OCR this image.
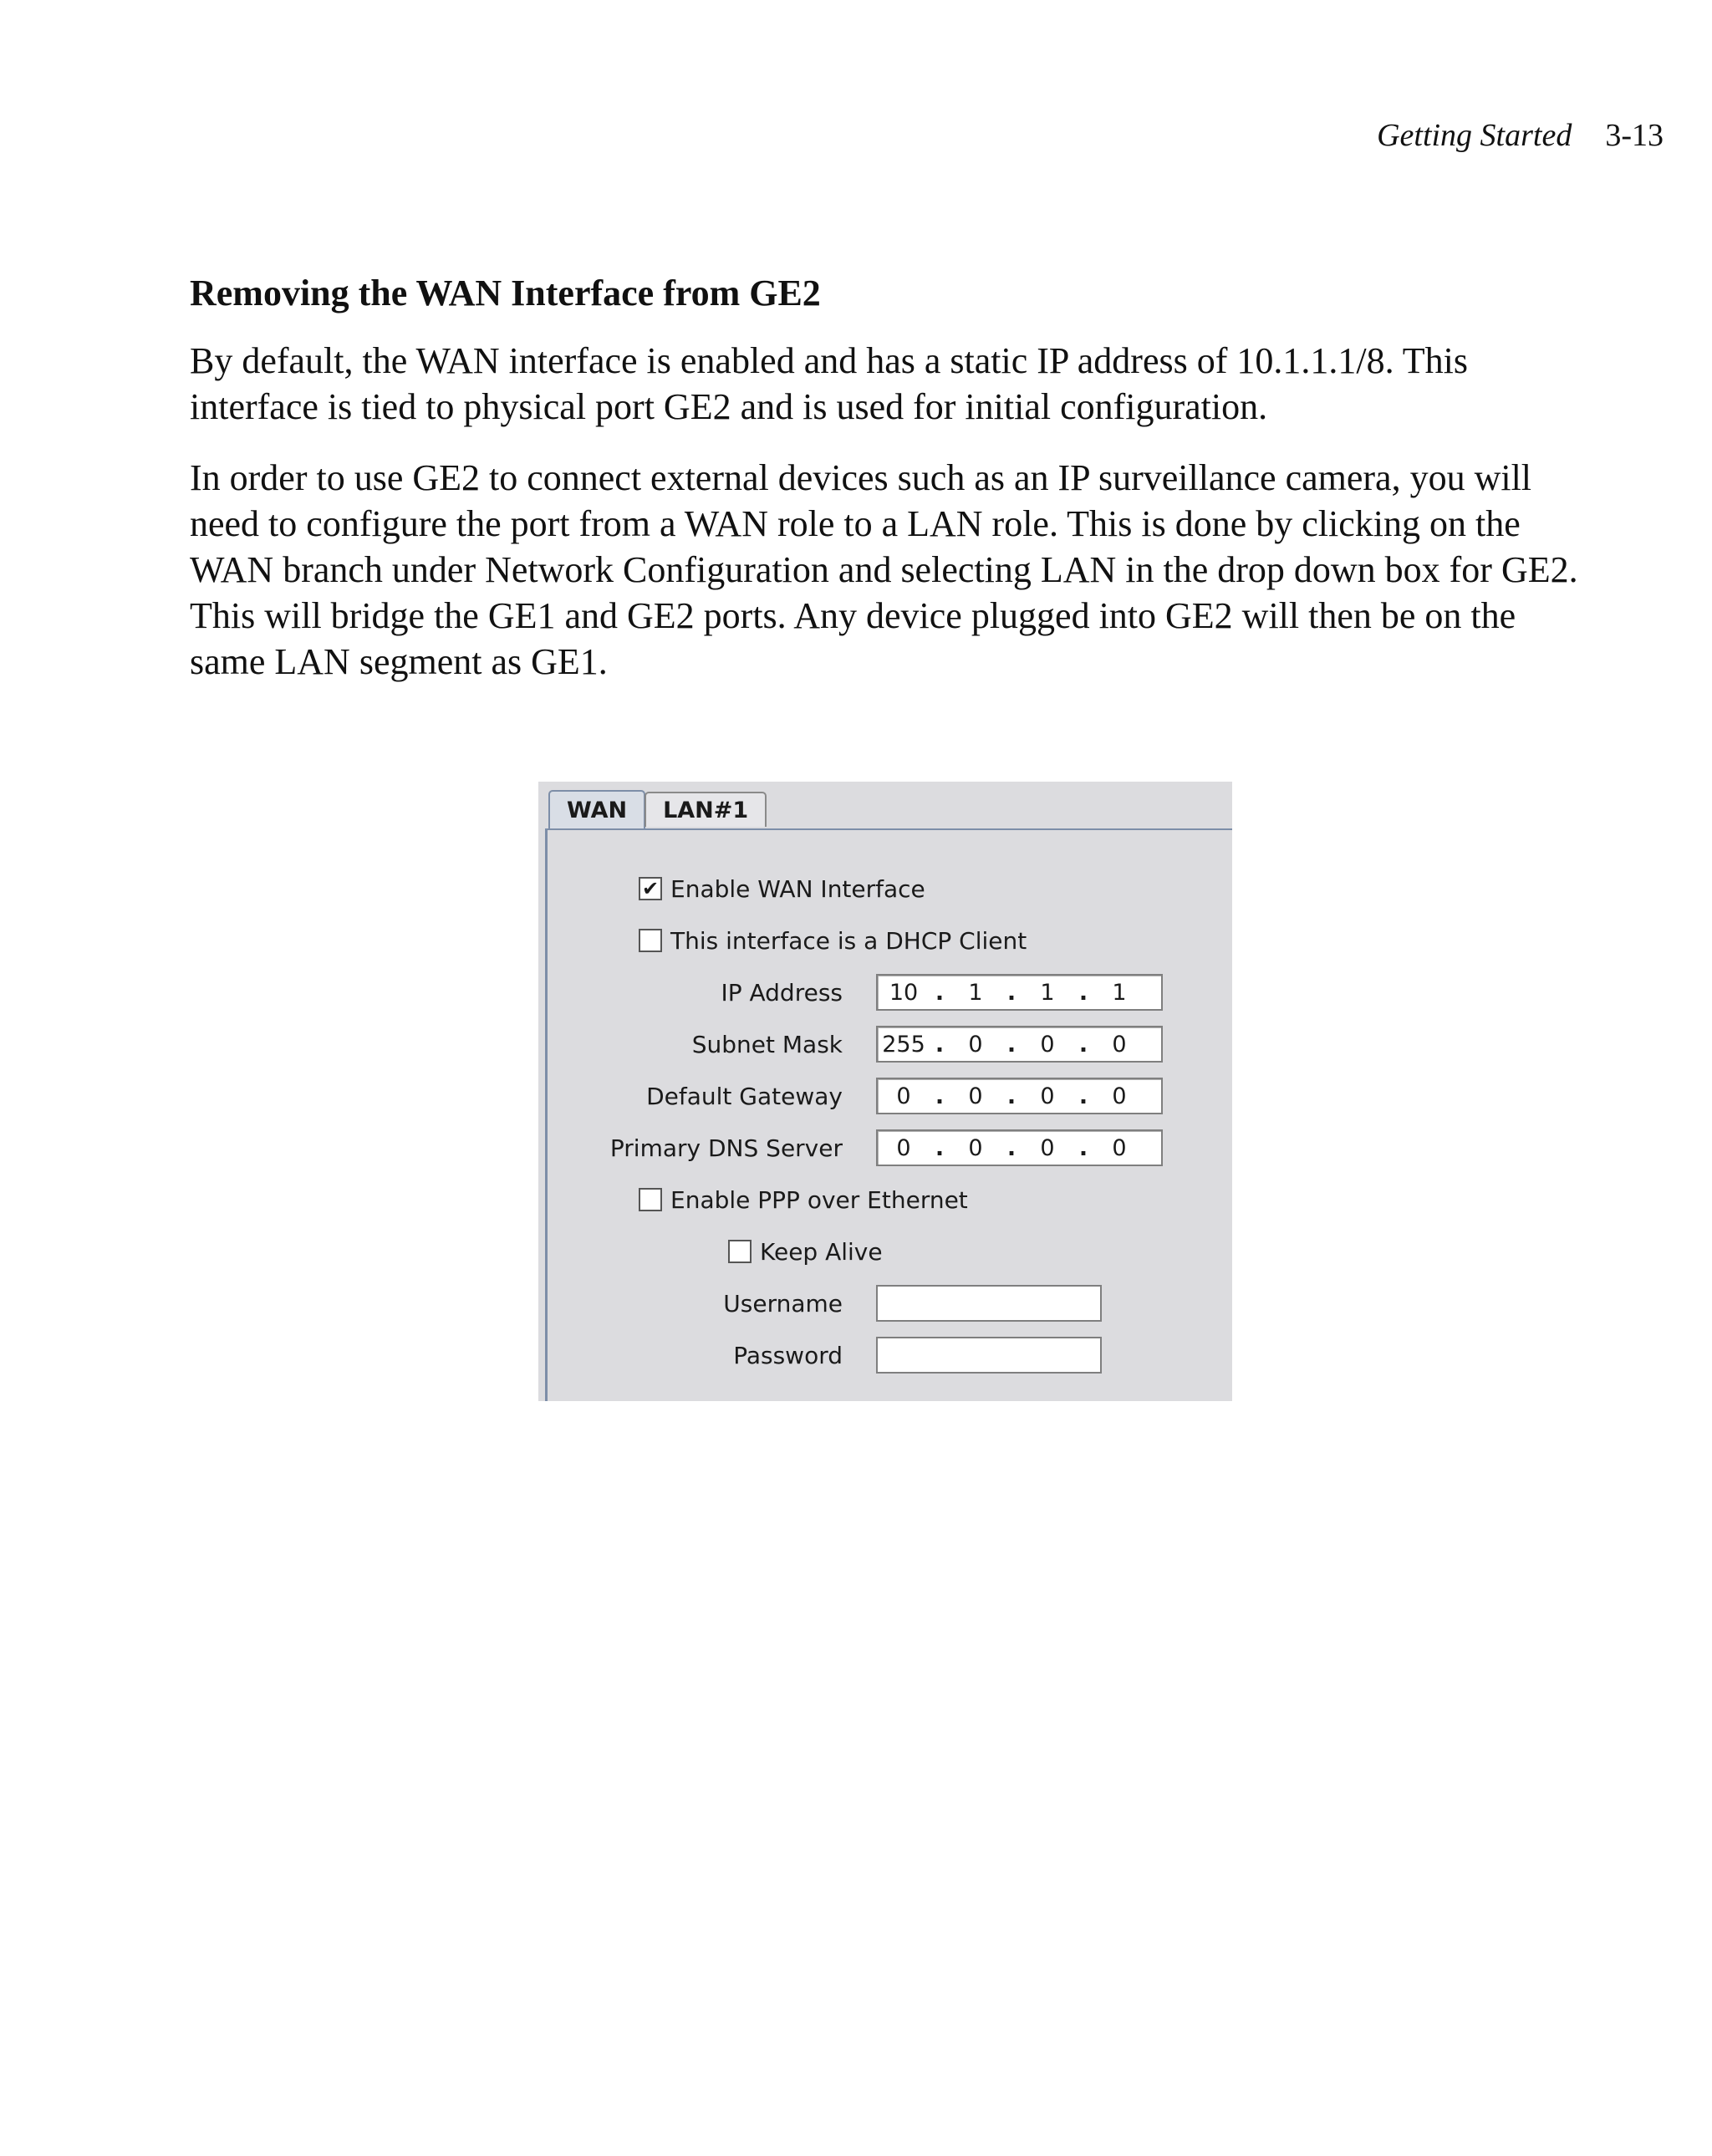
Getting Started 3-13
Removing the WAN Interface from GE2

By default, the WAN interface is enabled and has a static IP address of 10.1.1.1/8. This interface is tied to physical port GE2 and is used for initial configuration.

In order to use GE2 to connect external devices such as an IP surveillance camera, you will need to configure the port from a WAN role to a LAN role. This is done by clicking on the WAN branch under Network Configuration and selecting LAN in the drop down box for GE2. This will bridge the GE1 and GE2 ports. Any device plugged into GE2 will then be on the same LAN segment as GE1.

WAN	LAN#1
✔ Enable WAN Interface
This interface is a DHCP Client
IP Address	10 .	1	.	1	.	1
Subnet Mask 255 .	0	.	0	.	0
Default Gateway	0	.	0	.	0	.	0
Primary DNS Server	0	.	0	.	0	.	0
Enable PPP over Ethernet
Keep Alive
Username
Password
